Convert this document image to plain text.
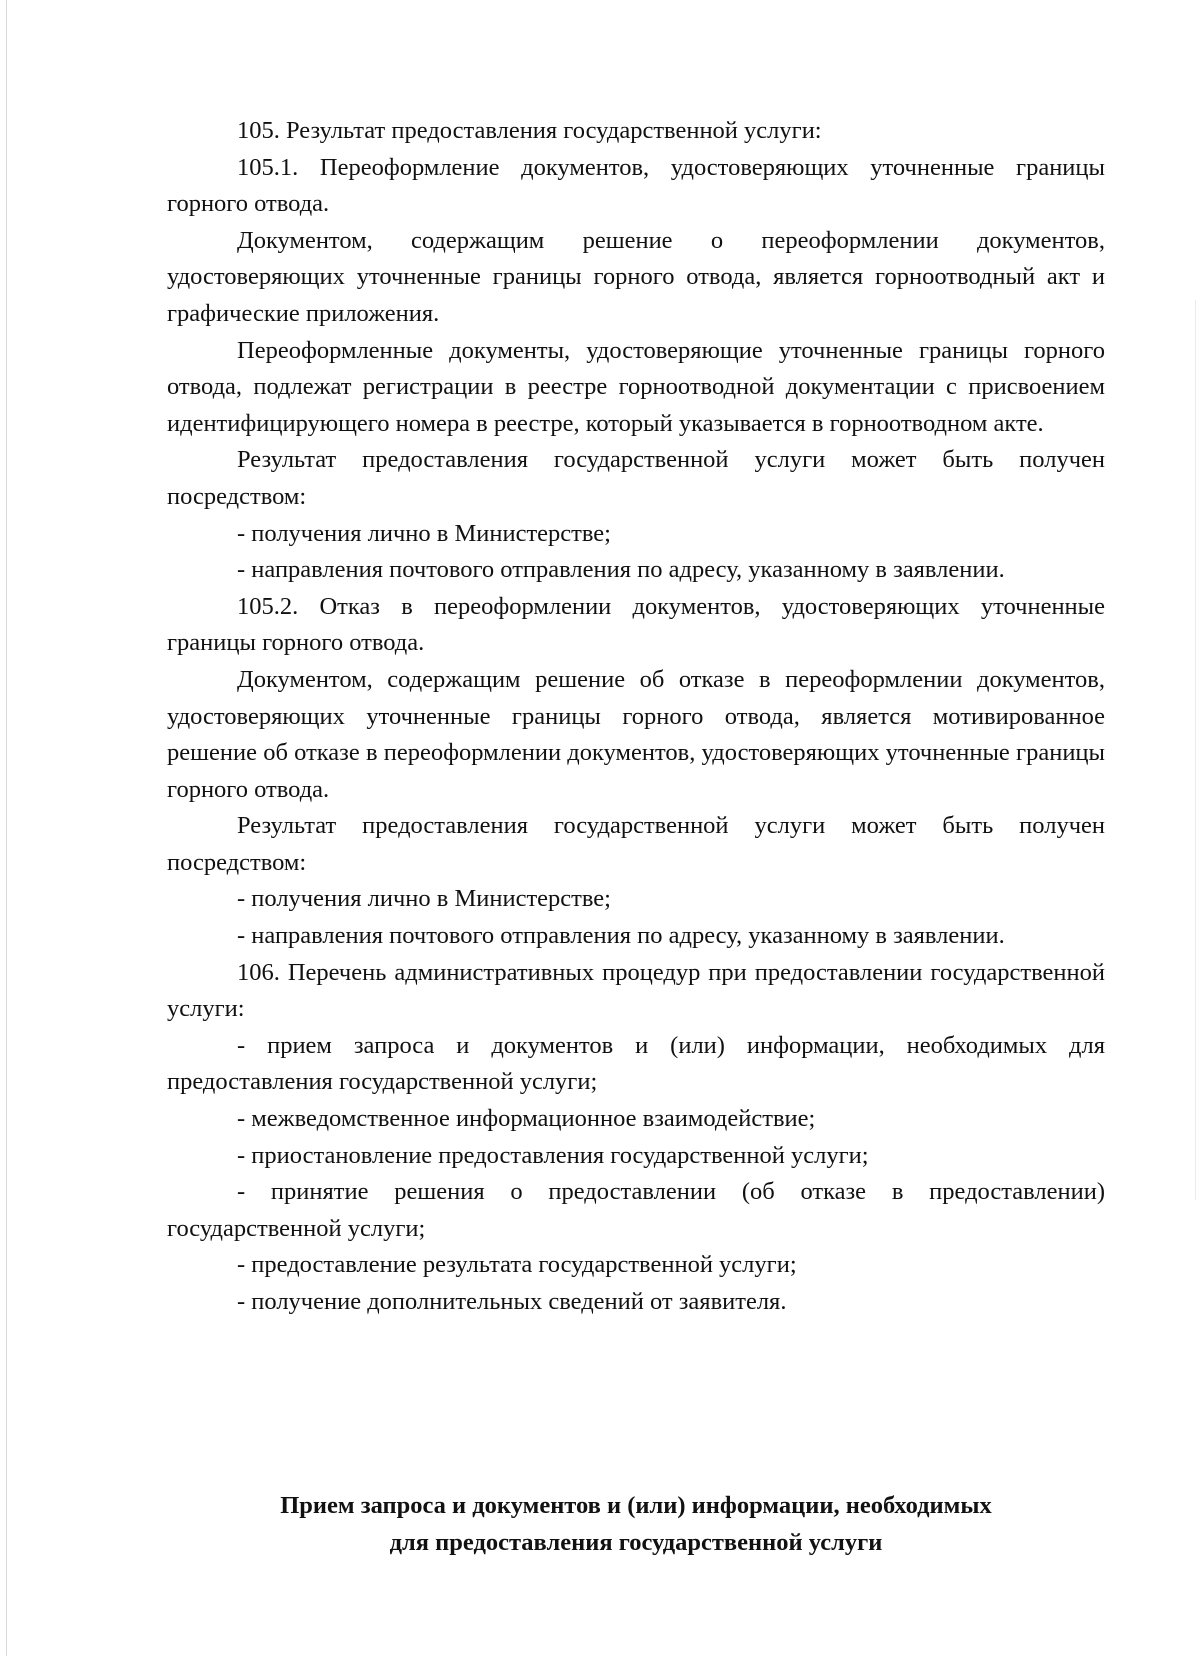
105. Результат предоставления государственной услуги:

105.1. Переоформление документов, удостоверяющих уточненные границы горного отвода.

Документом, содержащим решение о переоформлении документов, удостоверяющих уточненные границы горного отвода, является горноотводный акт и графические приложения.

Переоформленные документы, удостоверяющие уточненные границы горного отвода, подлежат регистрации в реестре горноотводной документации с присвоением идентифицирующего номера в реестре, который указывается в горноотводном акте.

Результат предоставления государственной услуги может быть получен посредством:

- получения лично в Министерстве;

- направления почтового отправления по адресу, указанному в заявлении.

105.2. Отказ в переоформлении документов, удостоверяющих уточненные границы горного отвода.

Документом, содержащим решение об отказе в переоформлении документов, удостоверяющих уточненные границы горного отвода, является мотивированное решение об отказе в переоформлении документов, удостоверяющих уточненные границы горного отвода.

Результат предоставления государственной услуги может быть получен посредством:

- получения лично в Министерстве;

- направления почтового отправления по адресу, указанному в заявлении.

106. Перечень административных процедур при предоставлении государственной услуги:

- прием запроса и документов и (или) информации, необходимых для предоставления государственной услуги;

- межведомственное информационное взаимодействие;

- приостановление предоставления государственной услуги;

- принятие решения о предоставлении (об отказе в предоставлении) государственной услуги;

- предоставление результата государственной услуги;

- получение дополнительных сведений от заявителя.

Прием запроса и документов и (или) информации, необходимых
для предоставления государственной услуги
